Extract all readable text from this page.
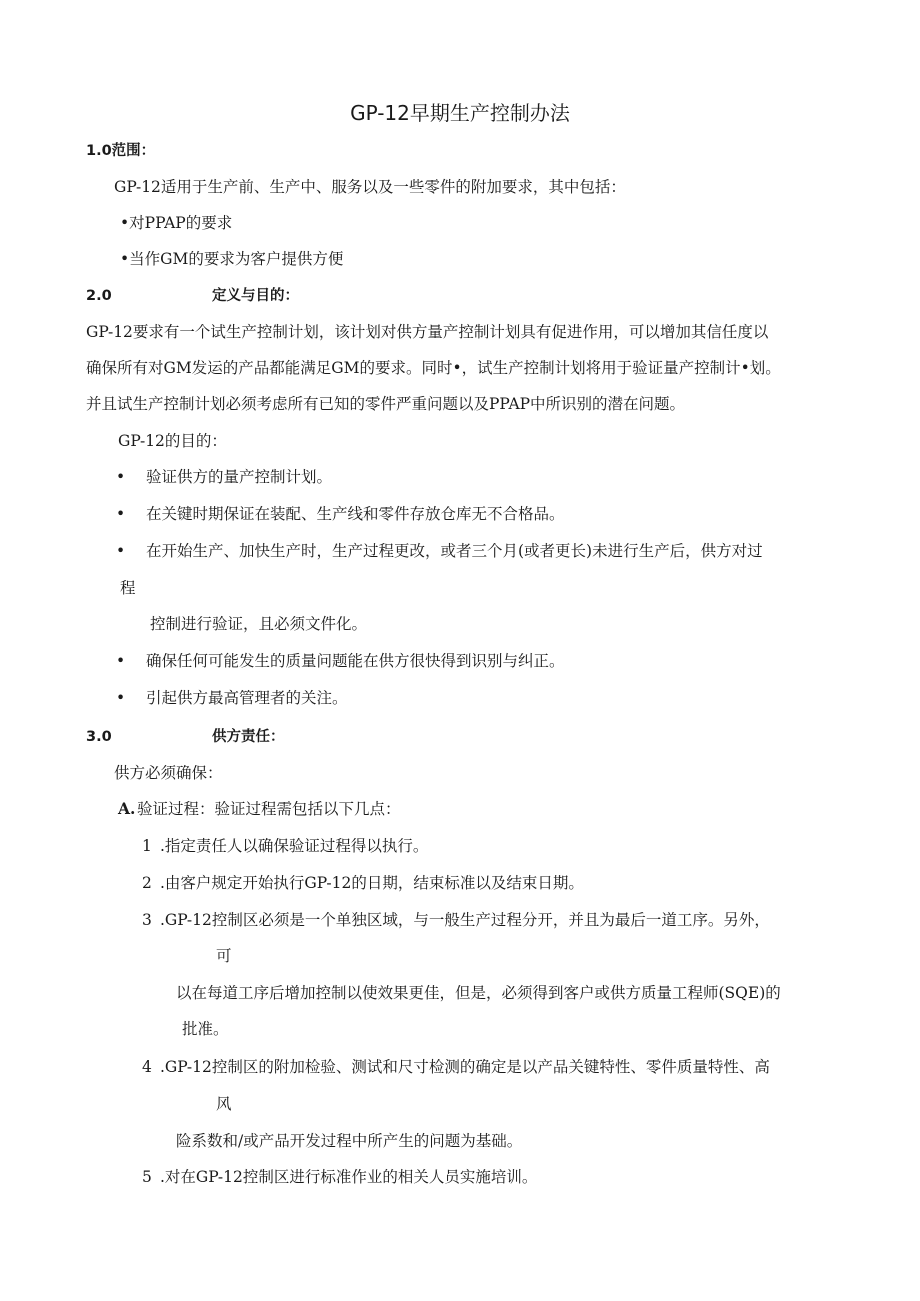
GP-12早期生产控制办法
1.0范围：
GP-12适用于生产前、生产中、服务以及一些零件的附加要求，其中包括：
•对PPAP的要求
•当作GM的要求为客户提供方便
2.0	定义与目的：
GP-12要求有一个试生产控制计划，该计划对供方量产控制计划具有促进作用，可以增加其信任度以
确保所有对GM发运的产品都能满足GM的要求。同时•，试生产控制计划将用于验证量产控制计•划。
并且试生产控制计划必须考虑所有已知的零件严重问题以及PPAP中所识别的潜在问题。
GP-12的目的：
• 验证供方的量产控制计划。
• 在关键时期保证在装配、生产线和零件存放仓库无不合格品。
• 在开始生产、加快生产时，生产过程更改，或者三个月(或者更长)未进行生产后，供方对过
程
控制进行验证，且必须文件化。
• 确保任何可能发生的质量问题能在供方很快得到识别与纠正。
• 引起供方最高管理者的关注。
3.0	供方责任：
供方必须确保：
A. 验证过程：验证过程需包括以下几点：
1 .指定责任人以确保验证过程得以执行。
2 .由客户规定开始执行GP-12的日期，结束标准以及结束日期。
3 .GP-12控制区必须是一个单独区域，与一般生产过程分开，并且为最后一道工序。另外，
可
以在每道工序后增加控制以使效果更佳，但是，必须得到客户或供方质量工程师(SQE)的
批准。
4 .GP-12控制区的附加检验、测试和尺寸检测的确定是以产品关键特性、零件质量特性、高
风
险系数和/或产品开发过程中所产生的问题为基础。
5 .对在GP-12控制区进行标准作业的相关人员实施培训。
